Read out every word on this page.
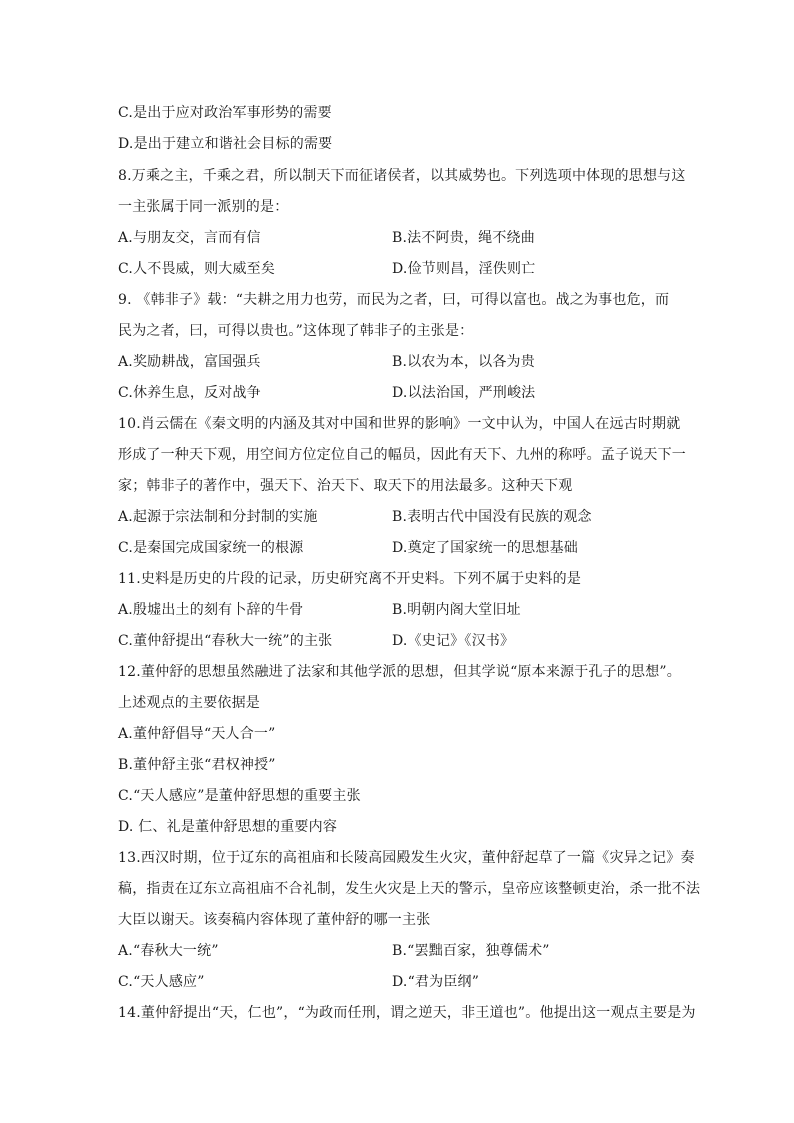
C.是出于应对政治军事形势的需要
D.是出于建立和谐社会目标的需要
8.万乘之主，千乘之君，所以制天下而征诸侯者，以其威势也。下列选项中体现的思想与这
一主张属于同一派别的是：
A.与朋友交，言而有信	B.法不阿贵，绳不绕曲
C.人不畏威，则大威至矣	D.俭节则昌，淫佚则亡
9. 《韩非子》载：“夫耕之用力也劳，而民为之者，曰，可得以富也。战之为事也危，而
民为之者，曰，可得以贵也。”这体现了韩非子的主张是：
A.奖励耕战，富国强兵	B.以农为本，以各为贵
C.休养生息，反对战争	D.以法治国，严刑峻法
10.肖云儒在《秦文明的内涵及其对中国和世界的影响》一文中认为，中国人在远古时期就
形成了一种天下观，用空间方位定位自己的幅员，因此有天下、九州的称呼。孟子说天下一
家；韩非子的著作中，强天下、治天下、取天下的用法最多。这种天下观
A.起源于宗法制和分封制的实施	B.表明古代中国没有民族的观念
C.是秦国完成国家统一的根源	D.奠定了国家统一的思想基础
11.史料是历史的片段的记录，历史研究离不开史料。下列不属于史料的是
A.殷墟出土的刻有卜辞的牛骨	B.明朝内阁大堂旧址
C.董仲舒提出“春秋大一统”的主张	D.《史记》《汉书》
12.董仲舒的思想虽然融进了法家和其他学派的思想，但其学说“原本来源于孔子的思想”。
上述观点的主要依据是
A.董仲舒倡导“天人合一”
B.董仲舒主张“君权神授”
C.“天人感应”是董仲舒思想的重要主张
D. 仁、礼是董仲舒思想的重要内容
13.西汉时期，位于辽东的高祖庙和长陵高园殿发生火灾，董仲舒起草了一篇《灾异之记》奏
稿，指责在辽东立高祖庙不合礼制，发生火灾是上天的警示，皇帝应该整顿吏治，杀一批不法
大臣以谢天。该奏稿内容体现了董仲舒的哪一主张
A.“春秋大一统”	B.“罢黜百家，独尊儒术”
C.“天人感应”	D.“君为臣纲”
14.董仲舒提出“天，仁也”，“为政而任刑，谓之逆天，非王道也”。他提出这一观点主要是为
